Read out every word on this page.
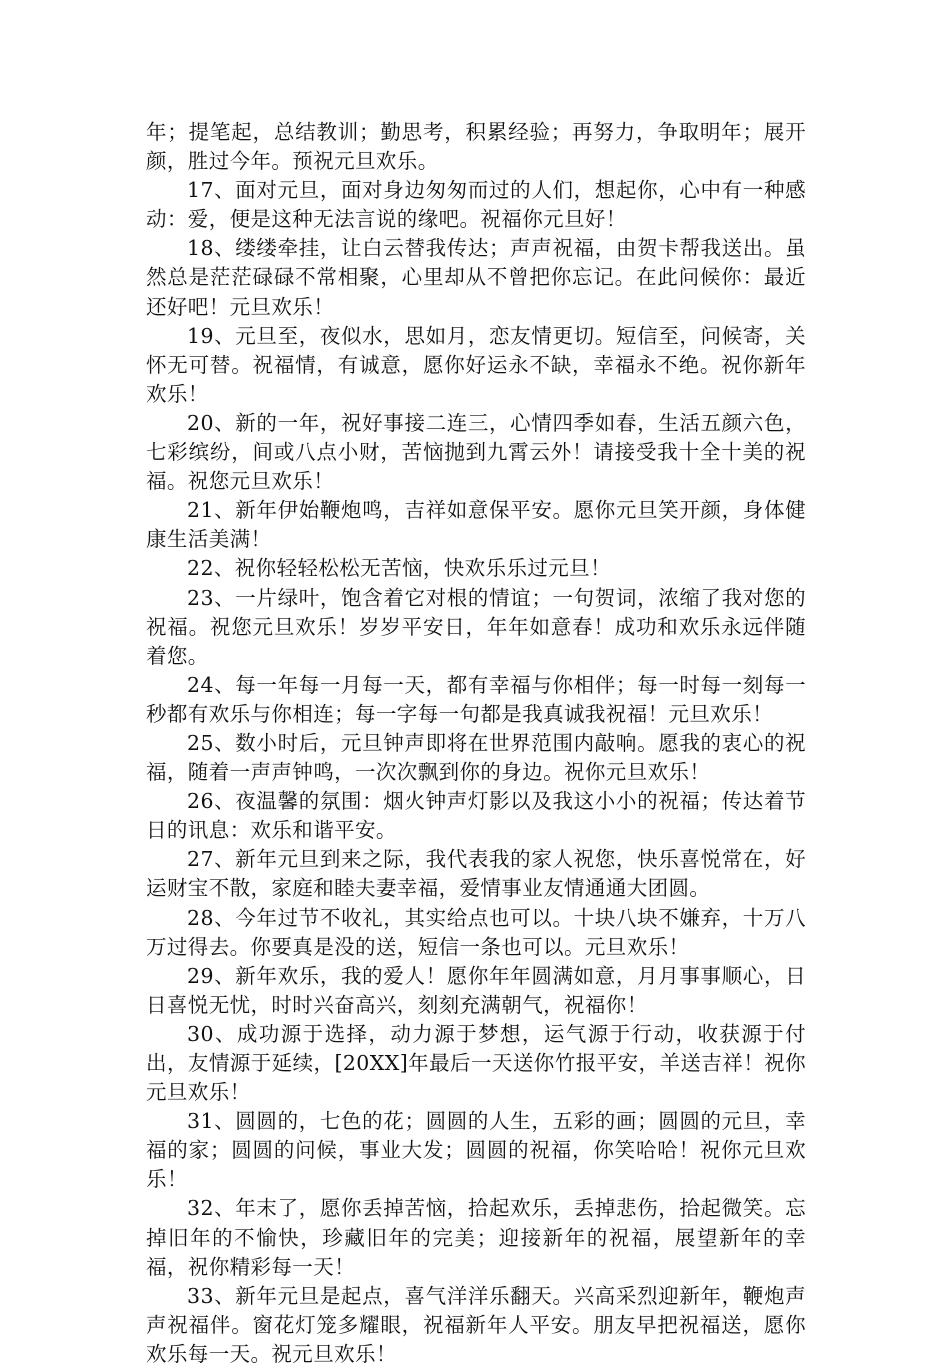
年；提笔起，总结教训；勤思考，积累经验；再努力，争取明年；展开颜，胜过今年。预祝元旦欢乐。

17、面对元旦，面对身边匆匆而过的人们，想起你，心中有一种感动：爱，便是这种无法言说的缘吧。祝福你元旦好！

18、缕缕牵挂，让白云替我传达；声声祝福，由贺卡帮我送出。虽然总是茫茫碌碌不常相聚，心里却从不曾把你忘记。在此问候你：最近还好吧！元旦欢乐！

19、元旦至，夜似水，思如月，恋友情更切。短信至，问候寄，关怀无可替。祝福情，有诚意，愿你好运永不缺，幸福永不绝。祝你新年欢乐！

20、新的一年，祝好事接二连三，心情四季如春，生活五颜六色，七彩缤纷，间或八点小财，苦恼抛到九霄云外！请接受我十全十美的祝福。祝您元旦欢乐！

21、新年伊始鞭炮鸣，吉祥如意保平安。愿你元旦笑开颜，身体健康生活美满！

22、祝你轻轻松松无苦恼，快欢乐乐过元旦！

23、一片绿叶，饱含着它对根的情谊；一句贺词，浓缩了我对您的祝福。祝您元旦欢乐！岁岁平安日，年年如意春！成功和欢乐永远伴随着您。

24、每一年每一月每一天，都有幸福与你相伴；每一时每一刻每一秒都有欢乐与你相连；每一字每一句都是我真诚我祝福！元旦欢乐！

25、数小时后，元旦钟声即将在世界范围内敲响。愿我的衷心的祝福，随着一声声钟鸣，一次次飘到你的身边。祝你元旦欢乐！

26、夜温馨的氛围：烟火钟声灯影以及我这小小的祝福；传达着节日的讯息：欢乐和谐平安。

27、新年元旦到来之际，我代表我的家人祝您，快乐喜悦常在，好运财宝不散，家庭和睦夫妻幸福，爱情事业友情通通大团圆。

28、今年过节不收礼，其实给点也可以。十块八块不嫌弃，十万八万过得去。你要真是没的送，短信一条也可以。元旦欢乐！

29、新年欢乐，我的爱人！愿你年年圆满如意，月月事事顺心，日日喜悦无忧，时时兴奋高兴，刻刻充满朝气，祝福你！

30、成功源于选择，动力源于梦想，运气源于行动，收获源于付出，友情源于延续，[20XX]年最后一天送你竹报平安，羊送吉祥！祝你元旦欢乐！

31、圆圆的，七色的花；圆圆的人生，五彩的画；圆圆的元旦，幸福的家；圆圆的问候，事业大发；圆圆的祝福，你笑哈哈！祝你元旦欢乐！

32、年末了，愿你丢掉苦恼，拾起欢乐，丢掉悲伤，拾起微笑。忘掉旧年的不愉快，珍藏旧年的完美；迎接新年的祝福，展望新年的幸福，祝你精彩每一天！

33、新年元旦是起点，喜气洋洋乐翻天。兴高采烈迎新年，鞭炮声声祝福伴。窗花灯笼多耀眼，祝福新年人平安。朋友早把祝福送，愿你欢乐每一天。祝元旦欢乐！
